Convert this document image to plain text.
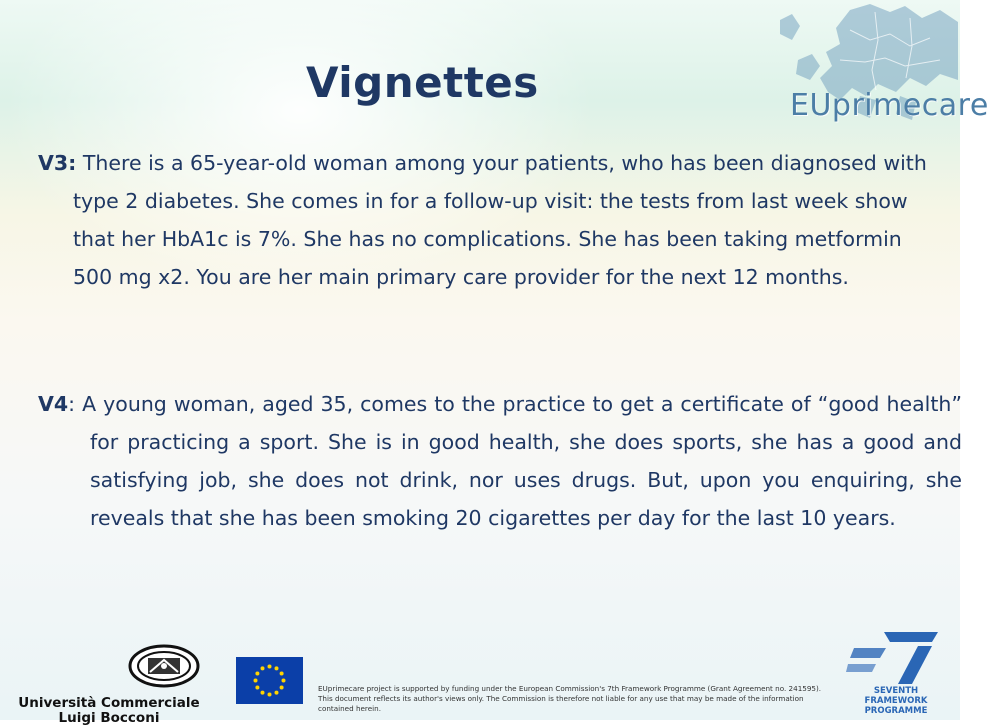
EUprimecare
Vignettes

V3: There is a 65-year-old woman among your patients, who has been diagnosed with type 2 diabetes. She comes in for a follow-up visit: the tests from last week show that her HbA1c is 7%. She has no complications. She has been taking metformin 500 mg x2. You are her main primary care provider for the next 12 months.

V4: A young woman, aged 35, comes to the practice to get a certificate of “good health” for practicing a sport. She is in good health, she does sports, she has a good and satisfying job, she does not drink, nor uses drugs. But, upon you enquiring, she reveals that she has been smoking 20 cigarettes per day for the last 10 years.

Università Commerciale
Luigi Bocconi
EUprimecare project is supported by funding under the European Commission's 7th Framework Programme (Grant Agreement no. 241595).
This document reflects its author's views only. The Commission is therefore not liable for any use that may be made of the information contained herein.
SEVENTH FRAMEWORK
PROGRAMME
